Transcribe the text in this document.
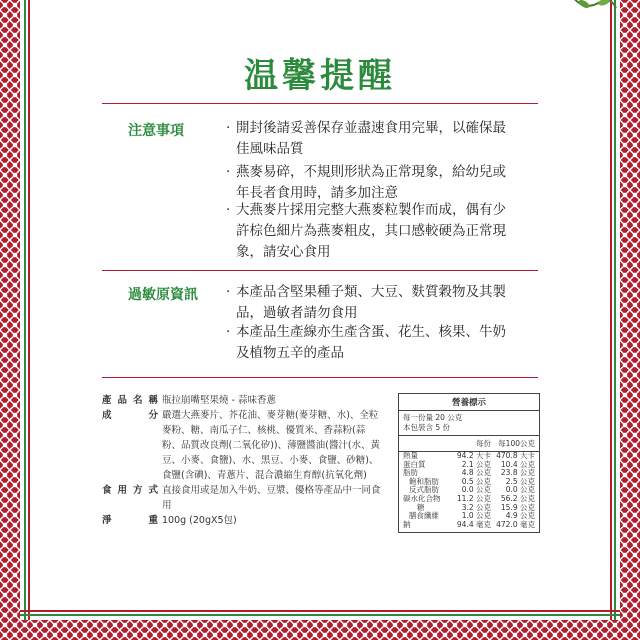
温馨提醒
注意事項	· 開封後請妥善保存並盡速食用完畢，以確保最
佳風味品質
· 燕麥易碎，不規則形狀為正常現象，給幼兒或
年長者食用時，請多加注意
· 大燕麥片採用完整大燕麥粒製作而成，偶有少
許棕色細片為燕麥粗皮，其口感較硬為正常現
象，請安心食用
過敏原資訊 · 本產品含堅果種子類、大豆、麩質穀物及其製
品，過敏者請勿食用
· 本產品生產線亦生產含蛋、花生、核果、牛奶
及植物五辛的產品
產品名稱 瓶拉崩嘴堅果燒 - 蒜味香蔥
成分 嚴選大燕麥片、芥花油、麥芽糖(麥芽糖、水)、全粒麥粉、糖、南瓜子仁、核桃、優質米、香蒜粉(蒜粉、品質改良劑(二氧化矽))、薄鹽醬油(醬汁(水、黃豆、小麥、食鹽)、水、黑豆、小麥、食鹽、砂糖)、食鹽(含碘)、青蔥片、混合濃縮生育醇(抗氧化劑)
食用方式 直接食用或是加入牛奶、豆漿、優格等產品中一同食用
淨重 100g (20gX5包)
營養標示
每一份量 20 公克
本包裝含 5 份
每份 每100公克
熱量	94.2 大卡 470.8 大卡
蛋白質	2.1 公克	10.4 公克
脂肪	4.8 公克	23.8 公克
飽和脂肪	0.5 公克	2.5 公克
反式脂肪	0.0 公克	0.0 公克
碳水化合物	11.2 公克	56.2 公克
糖	3.2 公克	15.9 公克
膳食纖維	1.0 公克	4.9 公克
鈉	94.4 毫克 472.0 毫克
